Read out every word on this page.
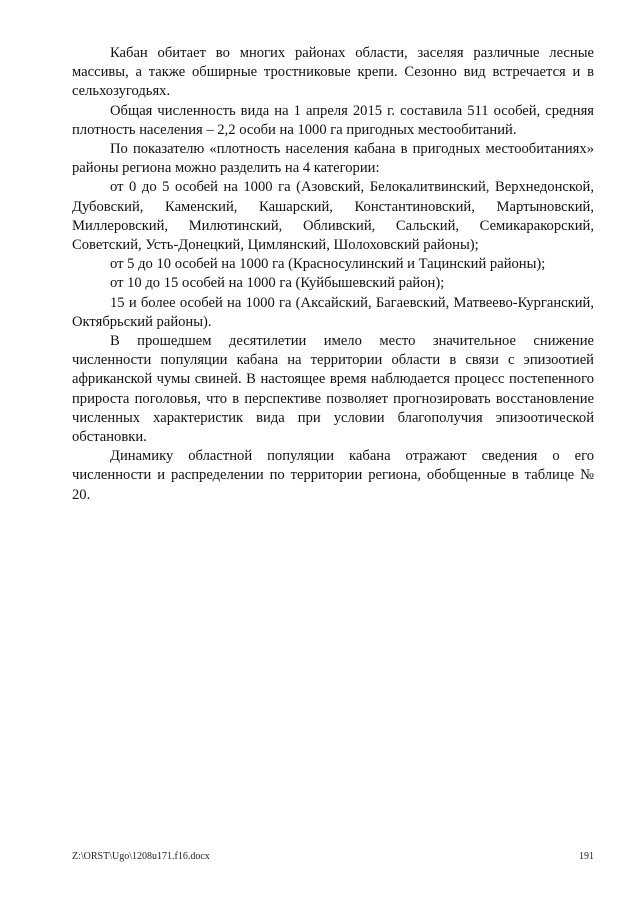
Кабан обитает во многих районах области, заселяя различные лесные массивы, а также обширные тростниковые крепи. Сезонно вид встречается и в сельхозугодьях.

Общая численность вида на 1 апреля 2015 г. составила 511 особей, средняя плотность населения – 2,2 особи на 1000 га пригодных местообитаний.

По показателю «плотность населения кабана в пригодных местообитаниях» районы региона можно разделить на 4 категории:

от 0 до 5 особей на 1000 га (Азовский, Белокалитвинский, Верхнедонской, Дубовский, Каменский, Кашарский, Константиновский, Мартыновский, Миллеровский, Милютинский, Обливский, Сальский, Семикаракорский, Советский, Усть-Донецкий, Цимлянский, Шолоховский районы);

от 5 до 10 особей на 1000 га (Красносулинский и Тацинский районы);

от 10 до 15 особей на 1000 га (Куйбышевский район);

15 и более особей на 1000 га (Аксайский, Багаевский, Матвеево-Курганский, Октябрьский районы).

В прошедшем десятилетии имело место значительное снижение численности популяции кабана на территории области в связи с эпизоотией африканской чумы свиней. В настоящее время наблюдается процесс постепенного прироста поголовья, что в перспективе позволяет прогнозировать восстановление численных характеристик вида при условии благополучия эпизоотической обстановки.

Динамику областной популяции кабана отражают сведения о его численности и распределении по территории региона, обобщенные в таблице № 20.

Z:\ORST\Ugo\1208u171.f16.docx	191
